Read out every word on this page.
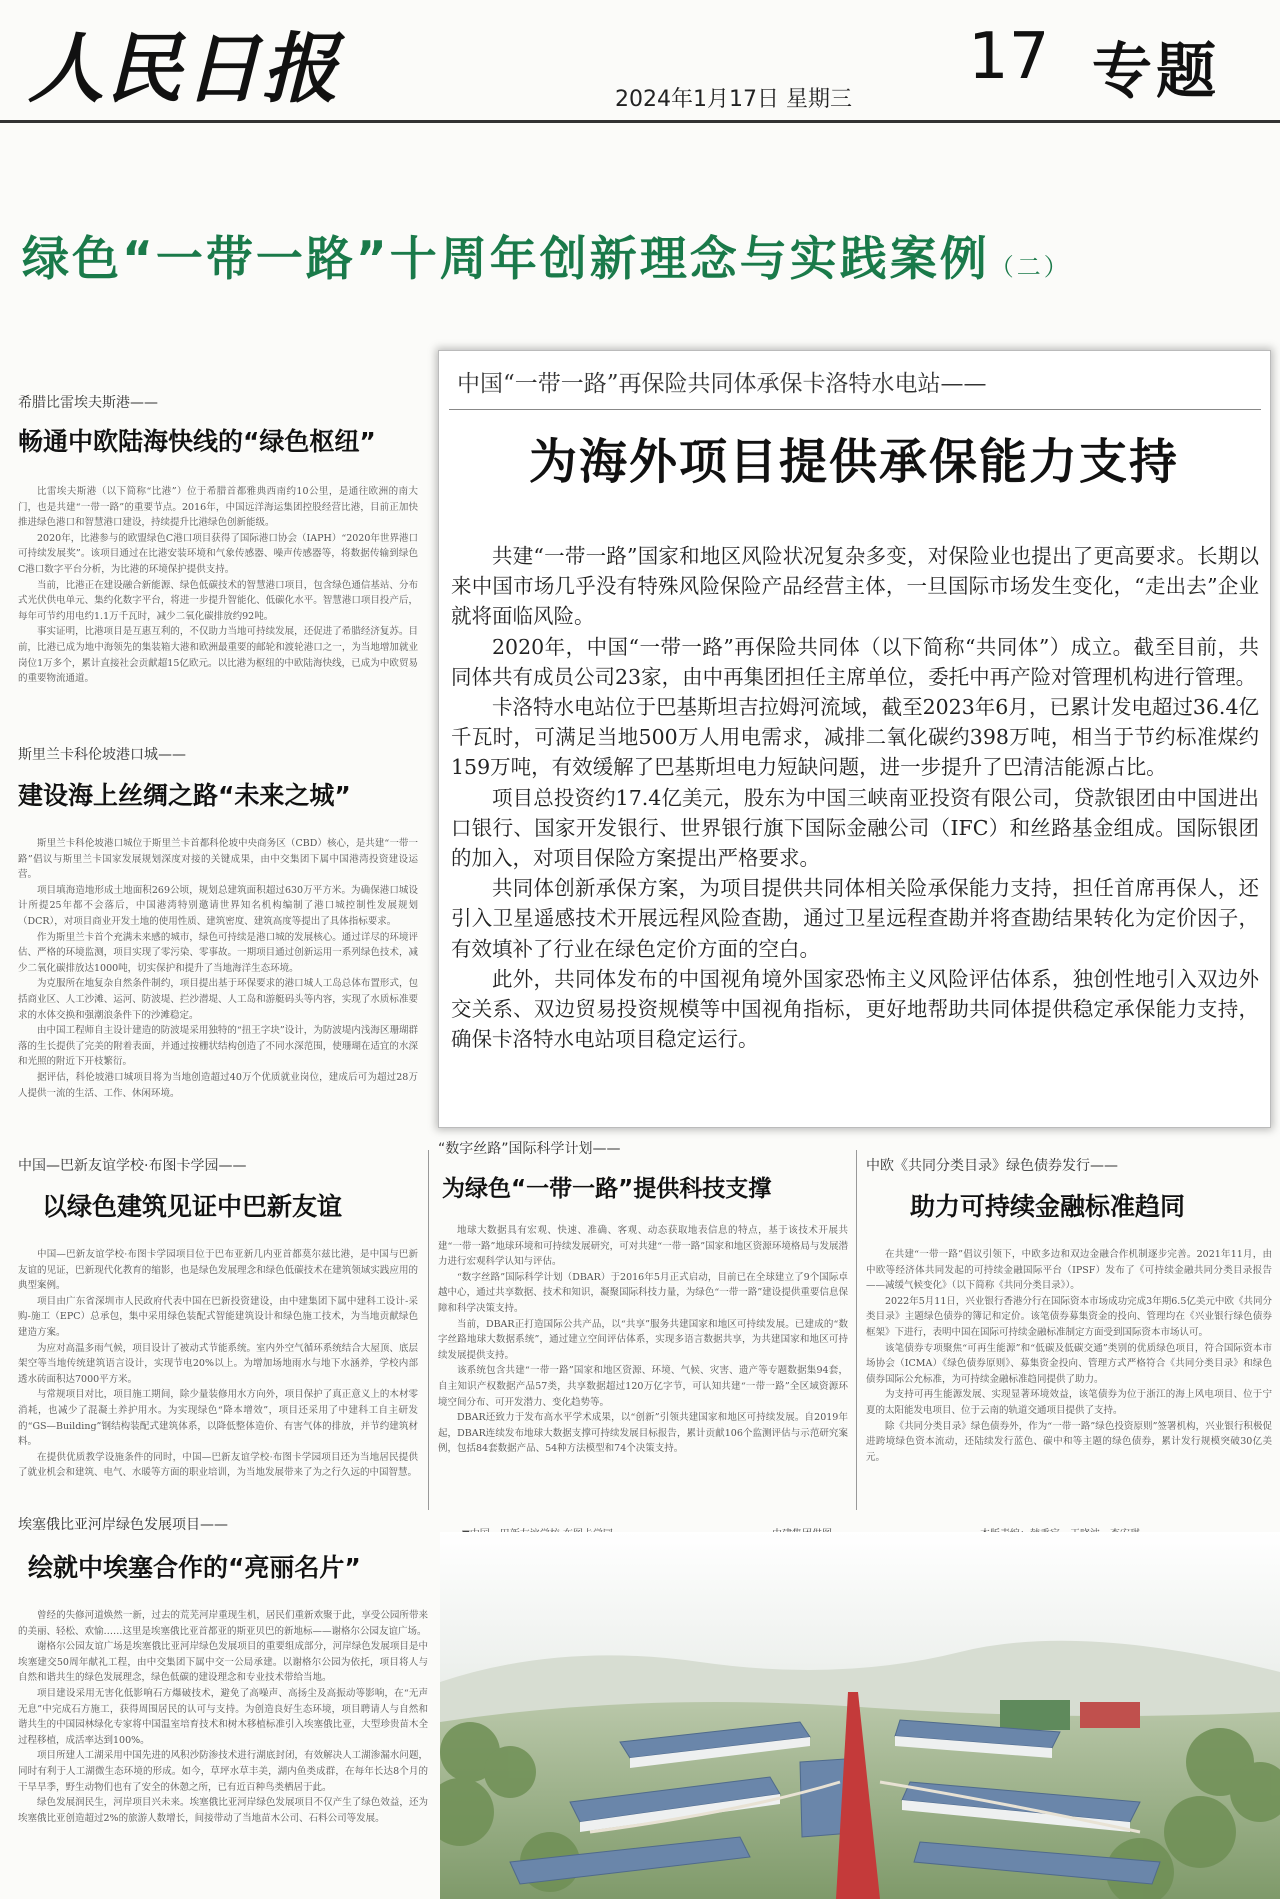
人民日报	2024年1月17日 星期三
17 专题
绿色“一带一路”十周年创新理念与实践案例（二）
希腊比雷埃夫斯港——
畅通中欧陆海快线的“绿色枢纽”

比雷埃夫斯港（以下简称“比港”）位于希腊首都雅典西南约10公里，是通往欧洲的南大门，也是共建“一带一路”的重要节点。2016年，中国远洋海运集团控股经营比港，目前正加快推进绿色港口和智慧港口建设，持续提升比港绿色创新能级。

2020年，比港参与的欧盟绿色C港口项目获得了国际港口协会（IAPH）“2020年世界港口可持续发展奖”。该项目通过在比港安装环境和气象传感器、噪声传感器等，将数据传输到绿色C港口数字平台分析，为比港的环境保护提供支持。

当前，比港正在建设融合新能源、绿色低碳技术的智慧港口项目，包含绿色通信基站、分布式光伏供电单元、集约化数字平台，将进一步提升智能化、低碳化水平。智慧港口项目投产后，每年可节约用电约1.1万千瓦时，减少二氧化碳排放约92吨。

事实证明，比港项目是互惠互利的，不仅助力当地可持续发展，还促进了希腊经济复苏。目前，比港已成为地中海领先的集装箱大港和欧洲最重要的邮轮和渡轮港口之一，为当地增加就业岗位1万多个，累计直接社会贡献超15亿欧元。以比港为枢纽的中欧陆海快线，已成为中欧贸易的重要物流通道。

斯里兰卡科伦坡港口城——
建设海上丝绸之路“未来之城”

斯里兰卡科伦坡港口城位于斯里兰卡首都科伦坡中央商务区（CBD）核心，是共建“一带一路”倡议与斯里兰卡国家发展规划深度对接的关键成果，由中交集团下属中国港湾投资建设运营。

项目填海造地形成土地面积269公顷，规划总建筑面积超过630万平方米。为确保港口城设计所提25年都不会落后，中国港湾特别邀请世界知名机构编制了港口城控制性发展规划（DCR），对项目商业开发土地的使用性质、建筑密度、建筑高度等提出了具体指标要求。

作为斯里兰卡首个充满未来感的城市，绿色可持续是港口城的发展核心。通过详尽的环境评估、严格的环境监测，项目实现了零污染、零事故。一期项目通过创新运用一系列绿色技术，减少二氧化碳排放达1000吨，切实保护和提升了当地海洋生态环境。

为克服所在地复杂自然条件制约，项目提出基于环保要求的港口城人工岛总体布置形式，包括商业区、人工沙滩、运河、防波堤、拦沙潜堤、人工岛和游艇码头等内容，实现了水质标准要求的水体交换和强潮浪条件下的沙滩稳定。

由中国工程师自主设计建造的防波堤采用独特的“扭王字块”设计，为防波堤内浅海区珊瑚群落的生长提供了完美的附着表面，并通过按栅状结构创造了不同水深范围，使珊瑚在适宜的水深和光照的附近下开枝繁衍。

据评估，科伦坡港口城项目将为当地创造超过40万个优质就业岗位，建成后可为超过28万人提供一流的生活、工作、休闲环境。

中国“一带一路”再保险共同体承保卡洛特水电站——
为海外项目提供承保能力支持

共建“一带一路”国家和地区风险状况复杂多变，对保险业也提出了更高要求。长期以来中国市场几乎没有特殊风险保险产品经营主体，一旦国际市场发生变化，“走出去”企业就将面临风险。

2020年，中国“一带一路”再保险共同体（以下简称“共同体”）成立。截至目前，共同体共有成员公司23家，由中再集团担任主席单位，委托中再产险对管理机构进行管理。

卡洛特水电站位于巴基斯坦吉拉姆河流域，截至2023年6月，已累计发电超过36.4亿千瓦时，可满足当地500万人用电需求，减排二氧化碳约398万吨，相当于节约标准煤约159万吨，有效缓解了巴基斯坦电力短缺问题，进一步提升了巴清洁能源占比。

项目总投资约17.4亿美元，股东为中国三峡南亚投资有限公司，贷款银团由中国进出口银行、国家开发银行、世界银行旗下国际金融公司（IFC）和丝路基金组成。国际银团的加入，对项目保险方案提出严格要求。

共同体创新承保方案，为项目提供共同体相关险承保能力支持，担任首席再保人，还引入卫星遥感技术开展远程风险查勘，通过卫星远程查勘并将查勘结果转化为定价因子，有效填补了行业在绿色定价方面的空白。

此外，共同体发布的中国视角境外国家恐怖主义风险评估体系，独创性地引入双边外交关系、双边贸易投资规模等中国视角指标，更好地帮助共同体提供稳定承保能力支持，确保卡洛特水电站项目稳定运行。

中国—巴新友谊学校·布图卡学园——
以绿色建筑见证中巴新友谊

中国—巴新友谊学校·布图卡学园项目位于巴布亚新几内亚首都莫尔兹比港，是中国与巴新友谊的见证，巴新现代化教育的缩影，也是绿色发展理念和绿色低碳技术在建筑领域实践应用的典型案例。

项目由广东省深圳市人民政府代表中国在巴新投资建设，由中建集团下属中建科工设计-采购-施工（EPC）总承包，集中采用绿色装配式智能建筑设计和绿色施工技术，为当地贡献绿色建造方案。

为应对高温多雨气候，项目设计了被动式节能系统。室内外空气循环系统结合大屋顶、底层架空等当地传统建筑语言设计，实现节电20%以上。为增加场地雨水与地下水涵养，学校内部透水砖面积达7000平方米。

与常规项目对比，项目施工期间，除少量装修用水方向外，项目保护了真正意义上的木材零消耗，也减少了混凝土养护用水。为实现绿色“降本增效”，项目还采用了中建科工自主研发的“GS—Building”钢结构装配式建筑体系，以降低整体造价、有害气体的排放，并节约建筑材料。

在提供优质教学设施条件的同时，中国—巴新友谊学校·布图卡学园项目还为当地居民提供了就业机会和建筑、电气、水暖等方面的职业培训，为当地发展带来了为之行久远的中国智慧。

“数字丝路”国际科学计划——
为绿色“一带一路”提供科技支撑

地球大数据具有宏观、快速、准确、客观、动态获取地表信息的特点，基于该技术开展共建“一带一路”地球环境和可持续发展研究，可对共建“一带一路”国家和地区资源环境格局与发展潜力进行宏观科学认知与评估。

“数字丝路”国际科学计划（DBAR）于2016年5月正式启动，目前已在全球建立了9个国际卓越中心，通过共享数据、技术和知识，凝聚国际科技力量，为绿色“一带一路”建设提供重要信息保障和科学决策支持。

当前，DBAR正打造国际公共产品，以“共享”服务共建国家和地区可持续发展。已建成的“数字丝路地球大数据系统”，通过建立空间评估体系，实现多语言数据共享，为共建国家和地区可持续发展提供支持。

该系统包含共建“一带一路”国家和地区资源、环境、气候、灾害、遗产等专题数据集94套，自主知识产权数据产品57类，共享数据超过120万亿字节，可认知共建“一带一路”全区域资源环境空间分布、可开发潜力、变化趋势等。

DBAR还致力于发布高水平学术成果，以“创新”引领共建国家和地区可持续发展。自2019年起，DBAR连续发布地球大数据支撑可持续发展目标报告，累计贡献106个监测评估与示范研究案例，包括84套数据产品、54种方法模型和74个决策支持。

中欧《共同分类目录》绿色债券发行——
助力可持续金融标准趋同

在共建“一带一路”倡议引领下，中欧多边和双边金融合作机制逐步完善。2021年11月，由中欧等经济体共同发起的可持续金融国际平台（IPSF）发布了《可持续金融共同分类目录报告——减缓气候变化》（以下简称《共同分类目录》）。

2022年5月11日，兴业银行香港分行在国际资本市场成功完成3年期6.5亿美元中欧《共同分类目录》主题绿色债券的簿记和定价。该笔债券募集资金的投向、管理均在《兴业银行绿色债券框架》下进行，表明中国在国际可持续金融标准制定方面受到国际资本市场认可。

该笔债券专项聚焦“可再生能源”和“低碳及低碳交通”类别的优质绿色项目，符合国际资本市场协会（ICMA）《绿色债券原则》、募集资金投向、管理方式严格符合《共同分类目录》和绿色债券国际公允标准，为可持续金融标准趋同提供了助力。

为支持可再生能源发展、实现显著环境效益，该笔债券为位于浙江的海上风电项目、位于宁夏的太阳能发电项目、位于云南的轨道交通项目提供了支持。

除《共同分类目录》绿色债券外，作为“一带一路”绿色投资原则”签署机构，兴业银行积极促进跨境绿色资本流动，还陆续发行蓝色、碳中和等主题的绿色债券，累计发行规模突破30亿美元。

埃塞俄比亚河岸绿色发展项目——
绘就中埃塞合作的“亮丽名片”

曾经的失修河道焕然一新，过去的荒芜河岸重现生机，居民们重新欢聚于此，享受公园所带来的美丽、轻松、欢愉……这里是埃塞俄比亚首都亚的斯亚贝巴的新地标——谢格尔公园友谊广场。

谢格尔公园友谊广场是埃塞俄比亚河岸绿色发展项目的重要组成部分，河岸绿色发展项目是中埃塞建交50周年献礼工程，由中交集团下属中交一公局承建。以谢格尔公园为依托，项目将人与自然和谐共生的绿色发展理念，绿色低碳的建设理念和专业技术带给当地。

项目建设采用无害化低影响石方爆破技术，避免了高噪声、高扬尘及高振动等影响，在“无声无息”中完成石方施工，获得周围居民的认可与支持。为创造良好生态环境，项目聘请人与自然和谐共生的中国园林绿化专家将中国温室培育技术和树木移植标准引入埃塞俄比亚，大型珍贵苗木全过程移植，成活率达到100%。

项目所建人工湖采用中国先进的风积沙防渗技术进行湖底封闭，有效解决人工湖渗漏水问题，同时有利于人工湖微生态环境的形成。如今，草坪水草丰美，湖内鱼类成群，在每年长达8个月的干旱旱季，野生动物们也有了安全的休憩之所，已有近百种鸟类栖居于此。

绿色发展润民生，河岸项目兴未来。埃塞俄比亚河岸绿色发展项目不仅产生了绿色效益，还为埃塞俄比亚创造超过2%的旅游人数增长，间接带动了当地苗木公司、石料公司等发展。
